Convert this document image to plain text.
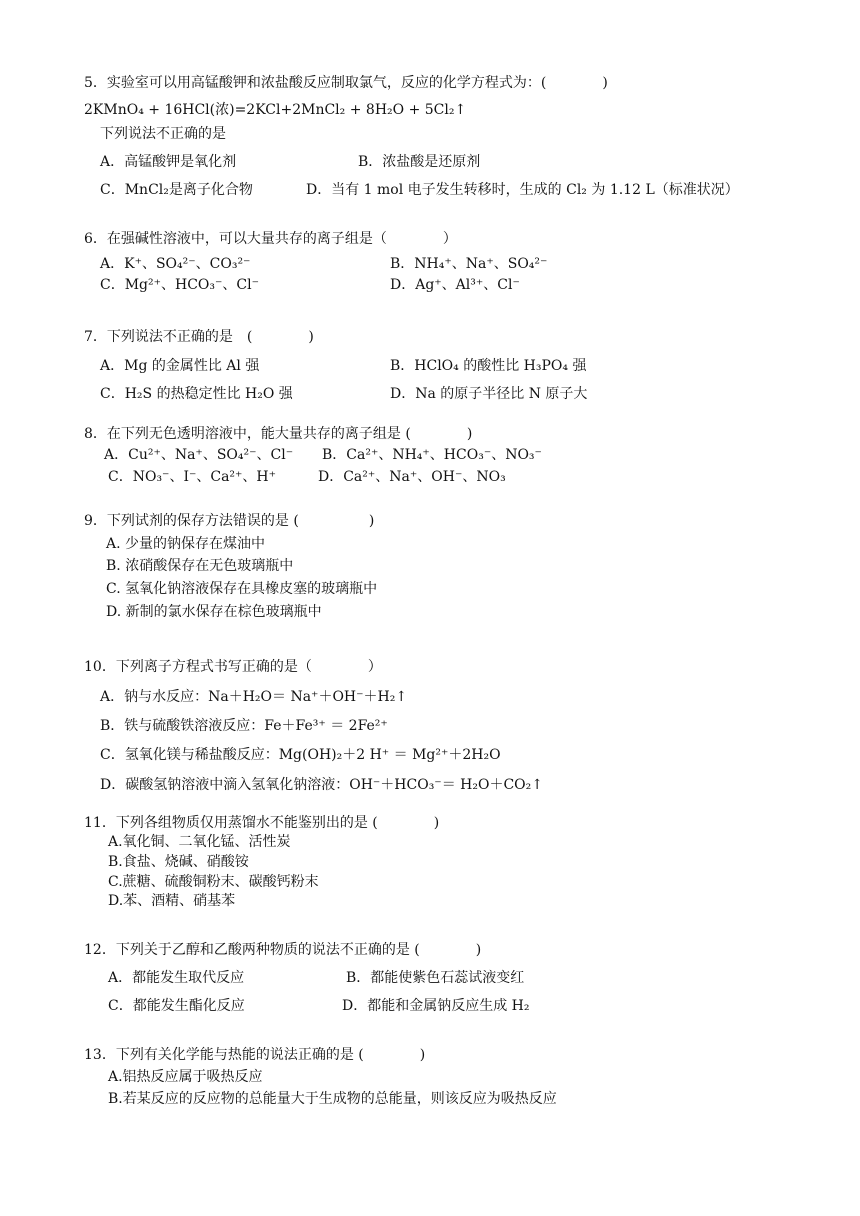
5．实验室可以用高锰酸钾和浓盐酸反应制取氯气，反应的化学方程式为：(　　　　)
2KMnO₄ + 16HCl(浓)=2KCl+2MnCl₂ + 8H₂O + 5Cl₂↑
下列说法不正确的是
A．高锰酸钾是氧化剂	B．浓盐酸是还原剂
C．MnCl₂是离子化合物	D．当有 1 mol 电子发生转移时，生成的 Cl₂ 为 1.12 L（标准状况）
6．在强碱性溶液中，可以大量共存的离子组是（　　　　）
A．K⁺、SO₄²⁻、CO₃²⁻	B．NH₄⁺、Na⁺、SO₄²⁻
C．Mg²⁺、HCO₃⁻、Cl⁻	D．Ag⁺、Al³⁺、Cl⁻
7．下列说法不正确的是　(　　　　)
A．Mg 的金属性比 Al 强	B．HClO₄ 的酸性比 H₃PO₄ 强
C．H₂S 的热稳定性比 H₂O 强	D．Na 的原子半径比 N 原子大
8．在下列无色透明溶液中，能大量共存的离子组是 (　　　　)
A．Cu²⁺、Na⁺、SO₄²⁻、Cl⁻ B．Ca²⁺、NH₄⁺、HCO₃⁻、NO₃⁻
C．NO₃⁻、I⁻、Ca²⁺、H⁺	D．Ca²⁺、Na⁺、OH⁻、NO₃
9．下列试剂的保存方法错误的是 (　　　　　)
A. 少量的钠保存在煤油中
B. 浓硝酸保存在无色玻璃瓶中
C. 氢氧化钠溶液保存在具橡皮塞的玻璃瓶中
D. 新制的氯水保存在棕色玻璃瓶中
10．下列离子方程式书写正确的是（　　　　）
A．钠与水反应：Na＋H₂O＝ Na⁺＋OH⁻＋H₂↑
B．铁与硫酸铁溶液反应：Fe＋Fe³⁺ ＝ 2Fe²⁺
C．氢氧化镁与稀盐酸反应：Mg(OH)₂＋2 H⁺ ＝ Mg²⁺＋2H₂O
D．碳酸氢钠溶液中滴入氢氧化钠溶液：OH⁻＋HCO₃⁻＝ H₂O＋CO₂↑
11．下列各组物质仅用蒸馏水不能鉴别出的是 (　　　　)
A.氧化铜、二氧化锰、活性炭
B.食盐、烧碱、硝酸铵
C.蔗糖、硫酸铜粉末、碳酸钙粉末
D.苯、酒精、硝基苯
12．下列关于乙醇和乙酸两种物质的说法不正确的是 (　　　　)
A．都能发生取代反应	B．都能使紫色石蕊试液变红
C．都能发生酯化反应	D．都能和金属钠反应生成 H₂
13．下列有关化学能与热能的说法正确的是 (　　　　)
A.铝热反应属于吸热反应
B.若某反应的反应物的总能量大于生成物的总能量，则该反应为吸热反应
